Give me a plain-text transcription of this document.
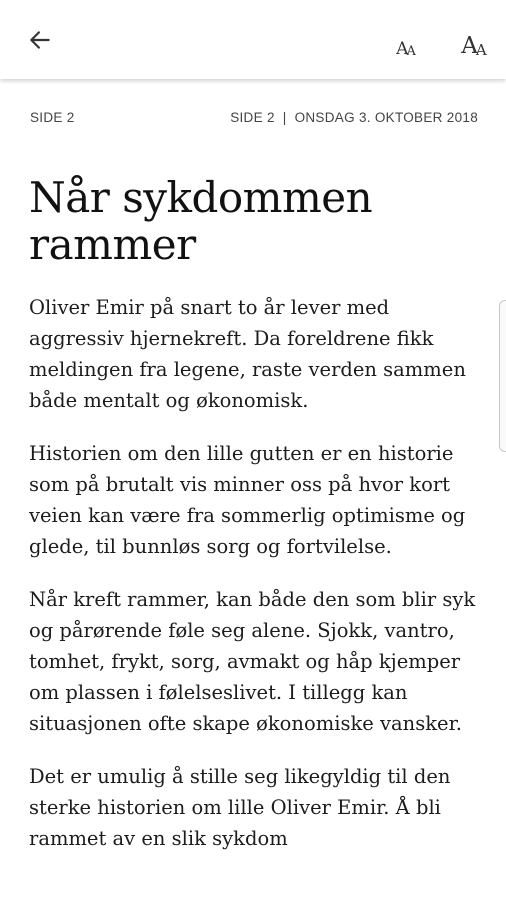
A
A A
A
SIDE 2	SIDE 2 | ONSDAG 3. OKTOBER 2018
Når sykdommen
rammer

Oliver Emir på snart to år lever med aggressiv hjernekreft. Da foreldrene fikk meldingen fra legene, raste verden sammen både mentalt og økonomisk.

Historien om den lille gutten er en historie som på brutalt vis minner oss på hvor kort veien kan være fra sommerlig optimisme og glede, til bunnløs sorg og fortvilelse.

Når kreft rammer, kan både den som blir syk og pårørende føle seg alene. Sjokk, vantro, tomhet, frykt, sorg, avmakt og håp kjemper om plassen i følelseslivet. I tillegg kan situasjonen ofte skape økonomiske vansker.

Det er umulig å stille seg likegyldig til den sterke historien om lille Oliver Emir. Å bli rammet av en slik sykdom
